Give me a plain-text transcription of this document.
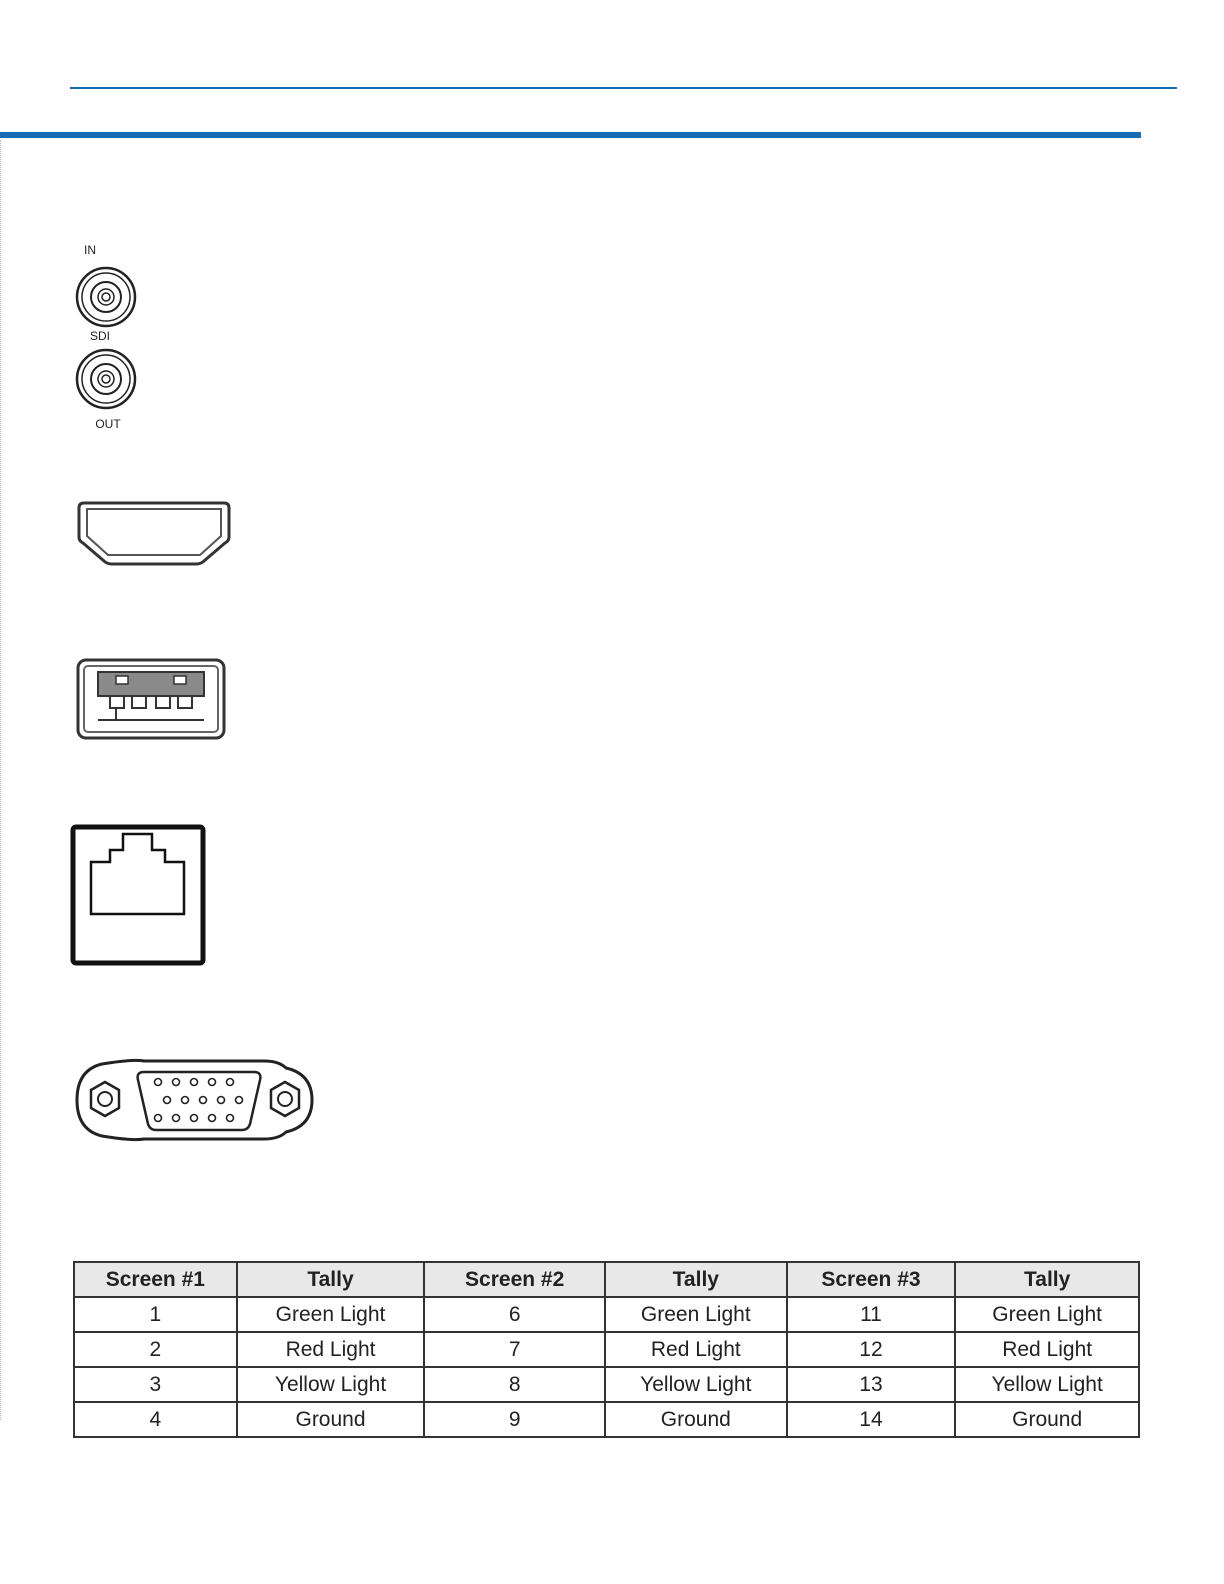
IN
SDI
OUT
Screen #1	Tally	Screen #2	Tally	Screen #3	Tally
1	Green Light	6	Green Light	11	Green Light
2	Red Light	7	Red Light	12	Red Light
3	Yellow Light	8	Yellow Light	13	Yellow Light
4	Ground	9	Ground	14	Ground
